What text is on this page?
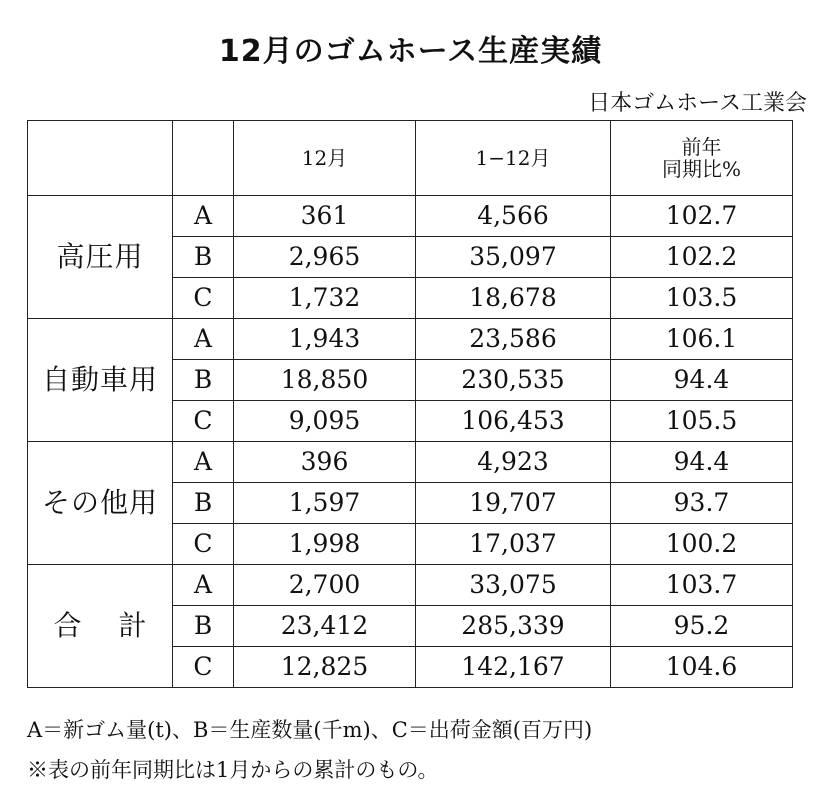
12月のゴムホース生産実績
日本ゴムホース工業会
		12月	1−12月	前年
同期比%
高圧用	A	361	4,566	102.7
	B	2,965	35,097	102.2
	C	1,732	18,678	103.5
自動車用	A	1,943	23,586	106.1
	B	18,850	230,535	94.4
	C	9,095	106,453	105.5
その他用	A	396	4,923	94.4
	B	1,597	19,707	93.7
	C	1,998	17,037	100.2
合　 計	A	2,700	33,075	103.7
	B	23,412	285,339	95.2
	C	12,825	142,167	104.6
A＝新ゴム量(t)、B＝生産数量(千m)、C＝出荷金額(百万円)
※表の前年同期比は1月からの累計のもの。
